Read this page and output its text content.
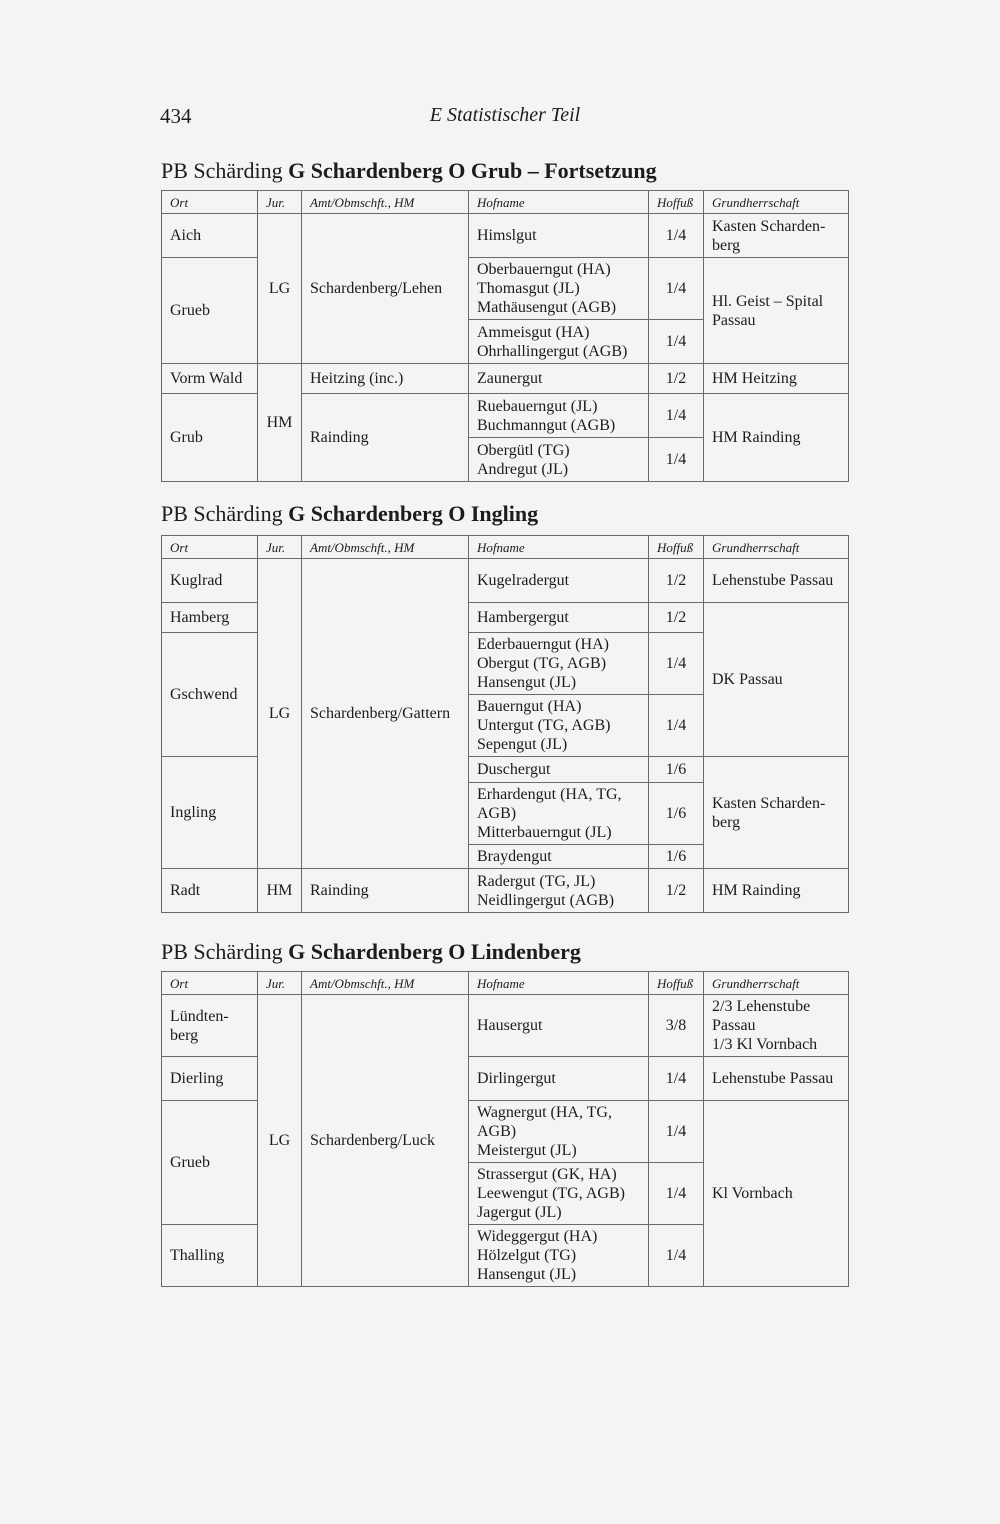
434	E Statistischer Teil
PB Schärding G Schardenberg O Grub – Fortsetzung
Ort	Jur.	Amt/Obmschft., HM	Hofname	Hoffuß	Grundherrschaft
Aich	LG	Schardenberg/Lehen	Himslgut	1/4	Kasten Scharden-berg
Grueb			Oberbauerngut (HA)
Thomasgut (JL)
Mathäusengut (AGB)	1/4	Hl. Geist – Spital Passau

			Ammeisgut (HA)
Ohrhallingergut (AGB)	1/4	
Vorm Wald	HM	Heitzing (inc.)	Zaunergut	1/2	HM Heitzing
Grub		Rainding	Ruebauerngut (JL)
Buchmanngut (AGB)	1/4	HM Rainding

			Obergütl (TG)
Andregut (JL)	1/4	
PB Schärding G Schardenberg O Ingling
Ort	Jur.	Amt/Obmschft., HM	Hofname	Hoffuß	Grundherrschaft
Kuglrad	LG	Schardenberg/Gattern	Kugelradergut	1/2	Lehenstube Passau
Hamberg			Hambergergut	1/2	DK Passau
Gschwend			Ederbauerngut (HA)
Obergut (TG, AGB)
Hansengut (JL)	1/4	

			Bauerngut (HA)
Untergut (TG, AGB)
Sepengut (JL)	1/4	
Ingling			Duschergut	1/6	Kasten Scharden-berg

			Erhardengut (HA, TG, AGB)
Mitterbauerngut (JL)	1/6	
			Braydengut	1/6	
Radt	HM	Rainding	Radergut (TG, JL)
Neidlingergut (AGB)	1/2	HM Rainding
PB Schärding G Schardenberg O Lindenberg
Ort	Jur.	Amt/Obmschft., HM	Hofname	Hoffuß	Grundherrschaft
Lündten-berg	LG	Schardenberg/Luck	Hausergut	3/8	2/3 Lehenstube Passau
1/3 Kl Vornbach

Dierling			Dirlingergut	1/4	Lehenstube Passau
Grueb			Wagnergut (HA, TG, AGB)
Meistergut (JL)	1/4	Kl Vornbach

			Strassergut (GK, HA)
Leewengut (TG, AGB)
Jagergut (JL)	1/4	
Thalling			Wideggergut (HA)
Hölzelgut (TG)
Hansengut (JL)	1/4	
